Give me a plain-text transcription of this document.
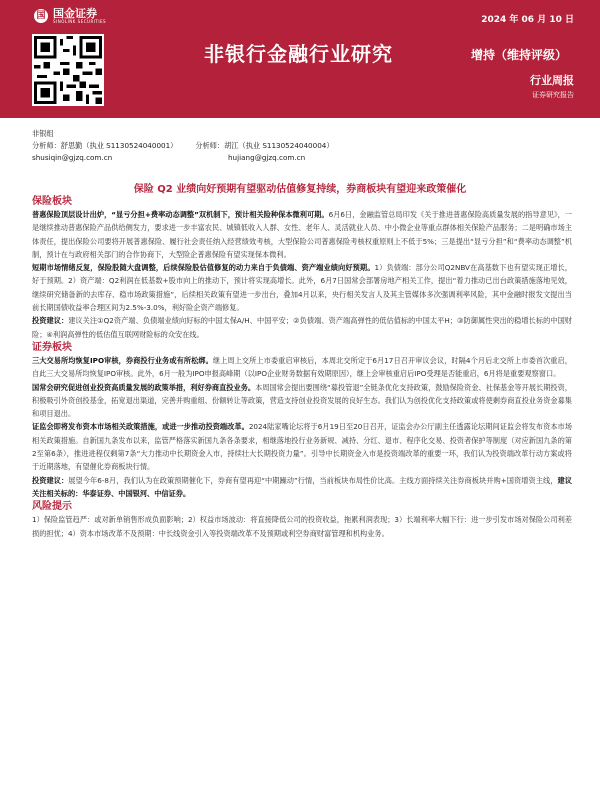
国 国金证券
SINOLINK SECURITIES	2024 年 06 月 10 日
非银行金融行业研究	增持（维持评级）
行业周报
证券研究报告
非银组
分析师：舒思勤（执业 S1130524040001）	分析师：胡江（执业 S1130524040004）
shusiqin@gjzq.com.cn	hujiang@gjzq.com.cn
保险 Q2 业绩向好预期有望驱动估值修复持续，券商板块有望迎来政策催化

保险板块

普惠保险顶层设计出炉，“显亏分担+费率动态调整”双机制下，预计相关险种保本微利可期。6月6日，金融监管总局印发《关于推进普惠保险高质量发展的指导意见》，一是继续推动普惠保险产品供给侧发力，要求进一步丰富农民、城镇低收入人群、女性、老年人、灵活就业人员、中小微企业等重点群体相关保险产品服务；二是明确市场主体责任，提出保险公司要将开展普惠保险、履行社会责任纳入经营绩效考核，大型保险公司普惠保险考核权重原则上不低于5%；三是提出“显亏分担”和“费率动态调整”机制，预计在与政府相关部门的合作协商下，大型险企普惠保险有望实现保本微利。

短期市场情绪反复，保险股随大盘调整，后续保险股估值修复的动力来自于负债端、资产端业绩向好预期。1）负债端：部分公司Q2NBV在高基数下也有望实现正增长，好于预期。2）资产端：Q2利润在低基数+股市向上的推动下，预计将实现高增长。此外，6月7日国常会部署房地产相关工作，提出“着力推动已出台政策措施落地见效，继续研究储备新的去库存、稳市场政策措施”，后续相关政策有望进一步出台，叠加4月以来，央行相关发言人及其主管媒体多次强调利率风险，其中金融时报发文提出当前长期国债收益率合理区间为2.5%-3.0%，利好险企资产端修复。

投资建议：建议关注①Q2资产端、负债端业绩向好标的中国太保A/H、中国平安；②负债端、资产端高弹性的低估值标的中国太平H；③防御属性突出的稳增长标的中国财险；④利润高弹性的低估值互联网财险标的众安在线。

证券板块

三大交易所均恢复IPO审核，券商投行业务或有所松绑。继上周上交所上市委重启审核后，本周北交所定于6月17日召开审议会议，时隔4个月后北交所上市委首次重启，自此三大交易所均恢复IPO审核。此外，6月一般为IPO申报高峰期（以IPO企业财务数据有效期原因），继上会审核重启后IPO受理是否能重启，6月将是重要观察窗口。

国常会研究促进创业投资高质量发展的政策举措，利好券商直投业务。本周国常会提出要围绕“募投管退”全链条优化支持政策，鼓励保险资金、社保基金等开展长期投资，积极吸引外资创投基金，拓宽退出渠道，完善并购重组、份额转让等政策，营造支持创业投资发展的良好生态。我们认为创投优化支持政策或将使剩券商直投业务资金募集和项目退出。

证监会即将发布资本市场相关政策措施，或进一步推动投资端改革。2024陆家嘴论坛将于6月19日至20日召开，证监会办公厅副主任透露论坛期间证监会将发布资本市场相关政策措施。自新国九条发布以来，监管严格落实新国九条各条要求，相继落地投行业务新规、减持、分红、退市、程序化交易、投资者保护等制度（对应新国九条的第2至第6条），推进进程仅剩第7条“大力推动中长期资金入市，持续壮大长期投资力量”。引导中长期资金入市是投资端改革的重要一环，我们认为投资端改革行动方案或将于近期落地，有望催化券商板块行情。

投资建议：展望今年6-8月，我们认为在政策预期催化下，券商有望再迎“中期躁动”行情，当前板块布局性价比高。主线方面持续关注券商板块并购+国资增资主线，建议关注相关标的：华泰证券、中国银河、中信证券。

风险提示

1）保险监管趋严：或对新单销售形成负面影响；2）权益市场波动：将直接降低公司的投资收益，拖累利润表现；3）长端利率大幅下行：进一步引发市场对保险公司利差损的担忧；4）资本市场改革不及预期：中长线资金引入等投资端改革不及预期或利空券商财富管理和机构业务。
